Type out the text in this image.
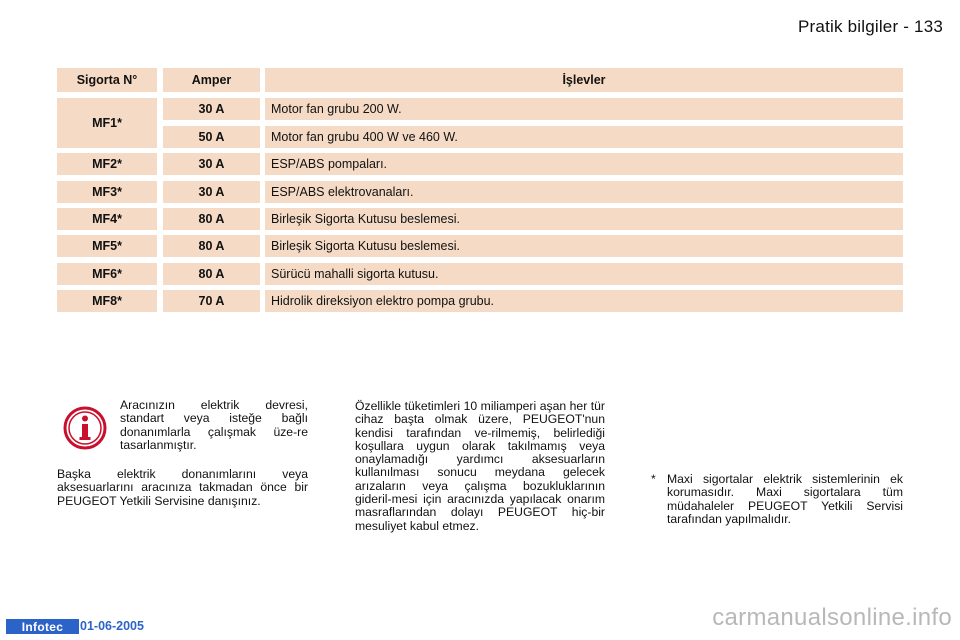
Pratik bilgiler - 133
Sigorta N°	Amper	İşlevler
MF1*
30 A	Motor fan grubu 200 W.
50 A	Motor fan grubu 400 W ve 460 W.
MF2*	30 A	ESP/ABS pompaları.
MF3*	30 A	ESP/ABS elektrovanaları.
MF4*	80 A	Birleşik Sigorta Kutusu beslemesi.
MF5*	80 A	Birleşik Sigorta Kutusu beslemesi.
MF6*	80 A	Sürücü mahalli sigorta kutusu.
MF8*	70 A	Hidrolik direksiyon elektro pompa grubu.
Aracınızın elektrik devresi, standart veya isteğe bağlı donanımlarla çalışmak üze-re tasarlanmıştır.
Başka elektrik donanımlarını veya aksesuarlarını aracınıza takmadan önce bir PEUGEOT Yetkili Servisine danışınız.
Özellikle tüketimleri 10 miliamperi aşan her tür cihaz başta olmak üzere, PEUGEOT'nun kendisi tarafından ve-rilmemiş, belirlediği koşullara uygun olarak takılmamış veya onaylamadığı yardımcı aksesuarların kullanılması sonucu meydana gelecek arızaların veya çalışma bozukluklarının gideril-mesi için aracınızda yapılacak onarım masraflarından dolayı PEUGEOT hiç-bir mesuliyet kabul etmez.
* Maxi sigortalar elektrik sistemlerinin ek korumasıdır. Maxi sigortalara tüm müdahaleler PEUGEOT Yetkili Servisi tarafından yapılmalıdır.
Infotec	01-06-2005	carmanualsonline.info
